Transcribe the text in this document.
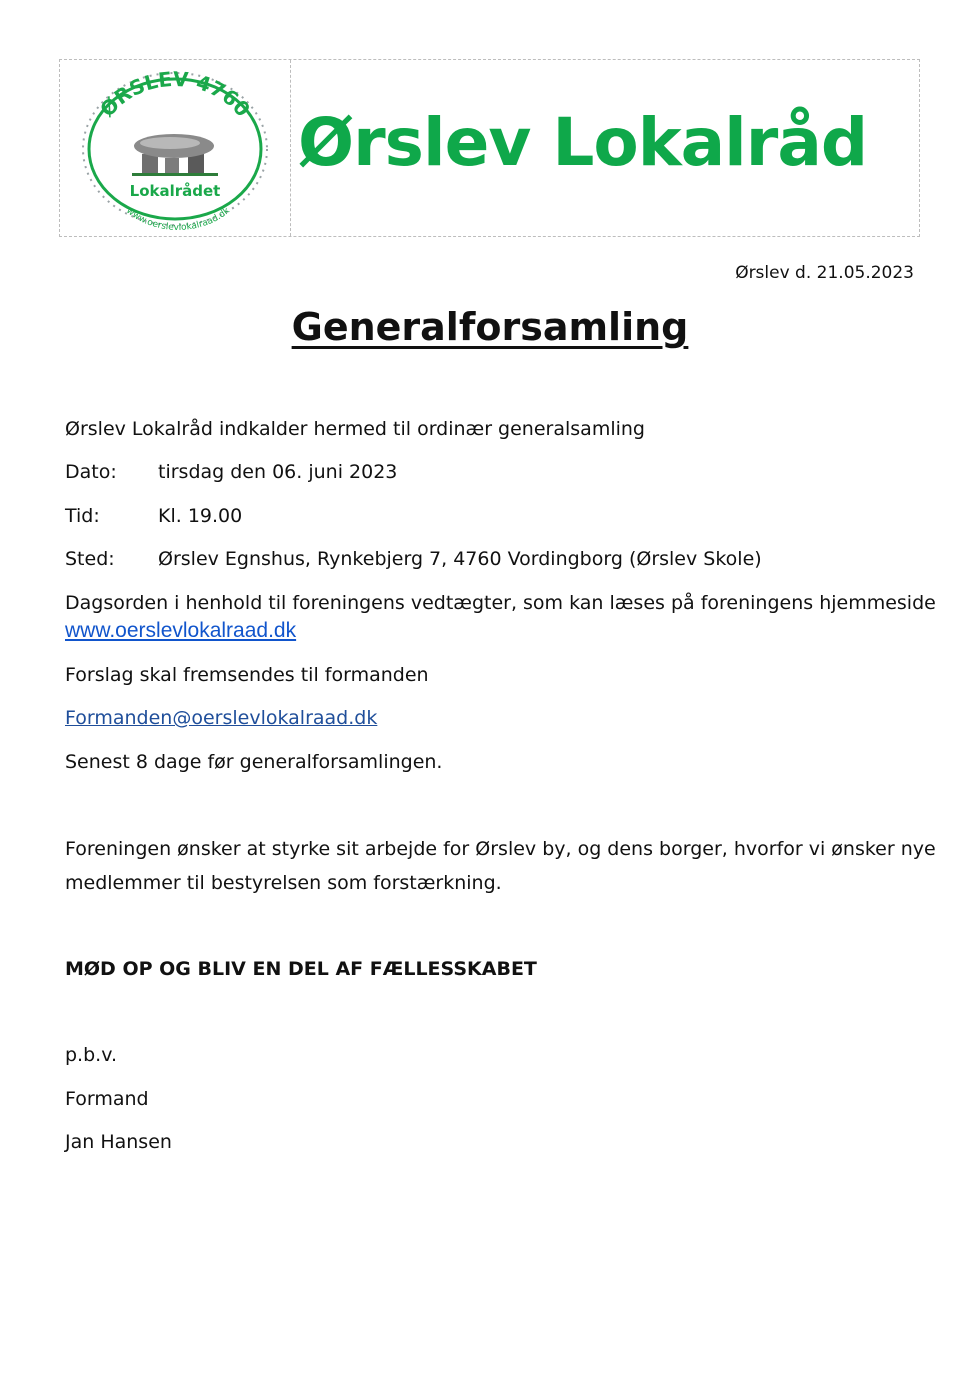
ØRSLEV 4760
Lokalrådet
www.oerslevlokalraad.dk
Ørslev Lokalråd
Ørslev d. 21.05.2023
Generalforsamling
Ørslev Lokalråd indkalder hermed til ordinær generalsamling
Dato: tirsdag den 06. juni 2023
Tid:	Kl. 19.00
Sted: Ørslev Egnshus, Rynkebjerg 7, 4760 Vordingborg (Ørslev Skole)
Dagsorden i henhold til foreningens vedtægter, som kan læses på foreningens hjemmeside
www.oerslevlokalraad.dk
Forslag skal fremsendes til formanden
Formanden@oerslevlokalraad.dk
Senest 8 dage før generalforsamlingen.
Foreningen ønsker at styrke sit arbejde for Ørslev by, og dens borger, hvorfor vi ønsker nye
medlemmer til bestyrelsen som forstærkning.
MØD OP OG BLIV EN DEL AF FÆLLESSKABET
p.b.v.
Formand
Jan Hansen
